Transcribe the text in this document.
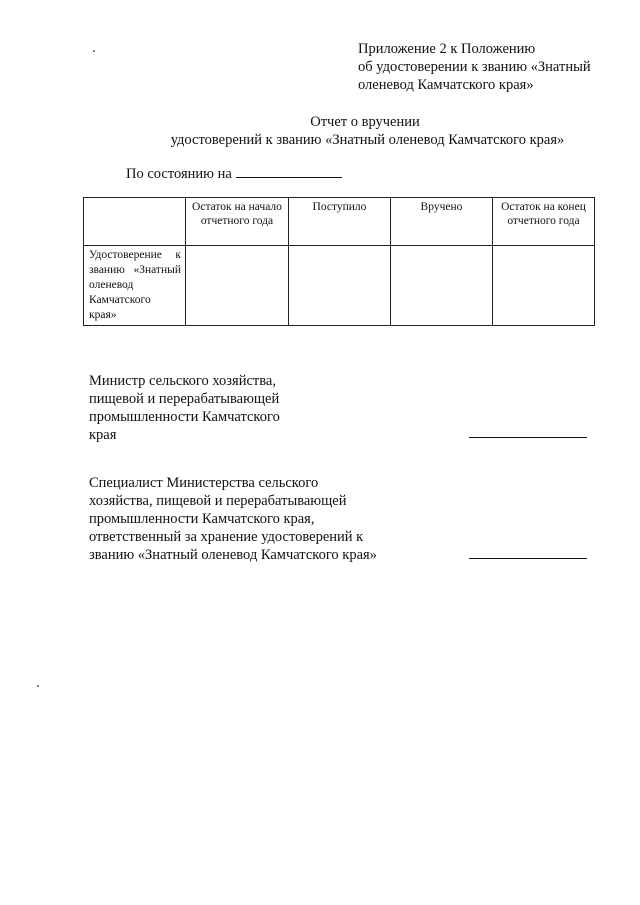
Приложение 2 к Положению
об удостоверении к званию «Знатный
оленевод Камчатского края»
Отчет о вручении
удостоверений к званию «Знатный оленевод Камчатского края»
По состоянию на
	Остаток на начало отчетного года	Поступило	Вручено	Остаток на конец отчетного года
Удостоверение к званию «Знатный оленевод Камчатского края»				
Министр сельского хозяйства,
пищевой и перерабатывающей
промышленности Камчатского
края
Специалист Министерства сельского
хозяйства, пищевой и перерабатывающей
промышленности Камчатского края,
ответственный за хранение удостоверений к
званию «Знатный оленевод Камчатского края»
